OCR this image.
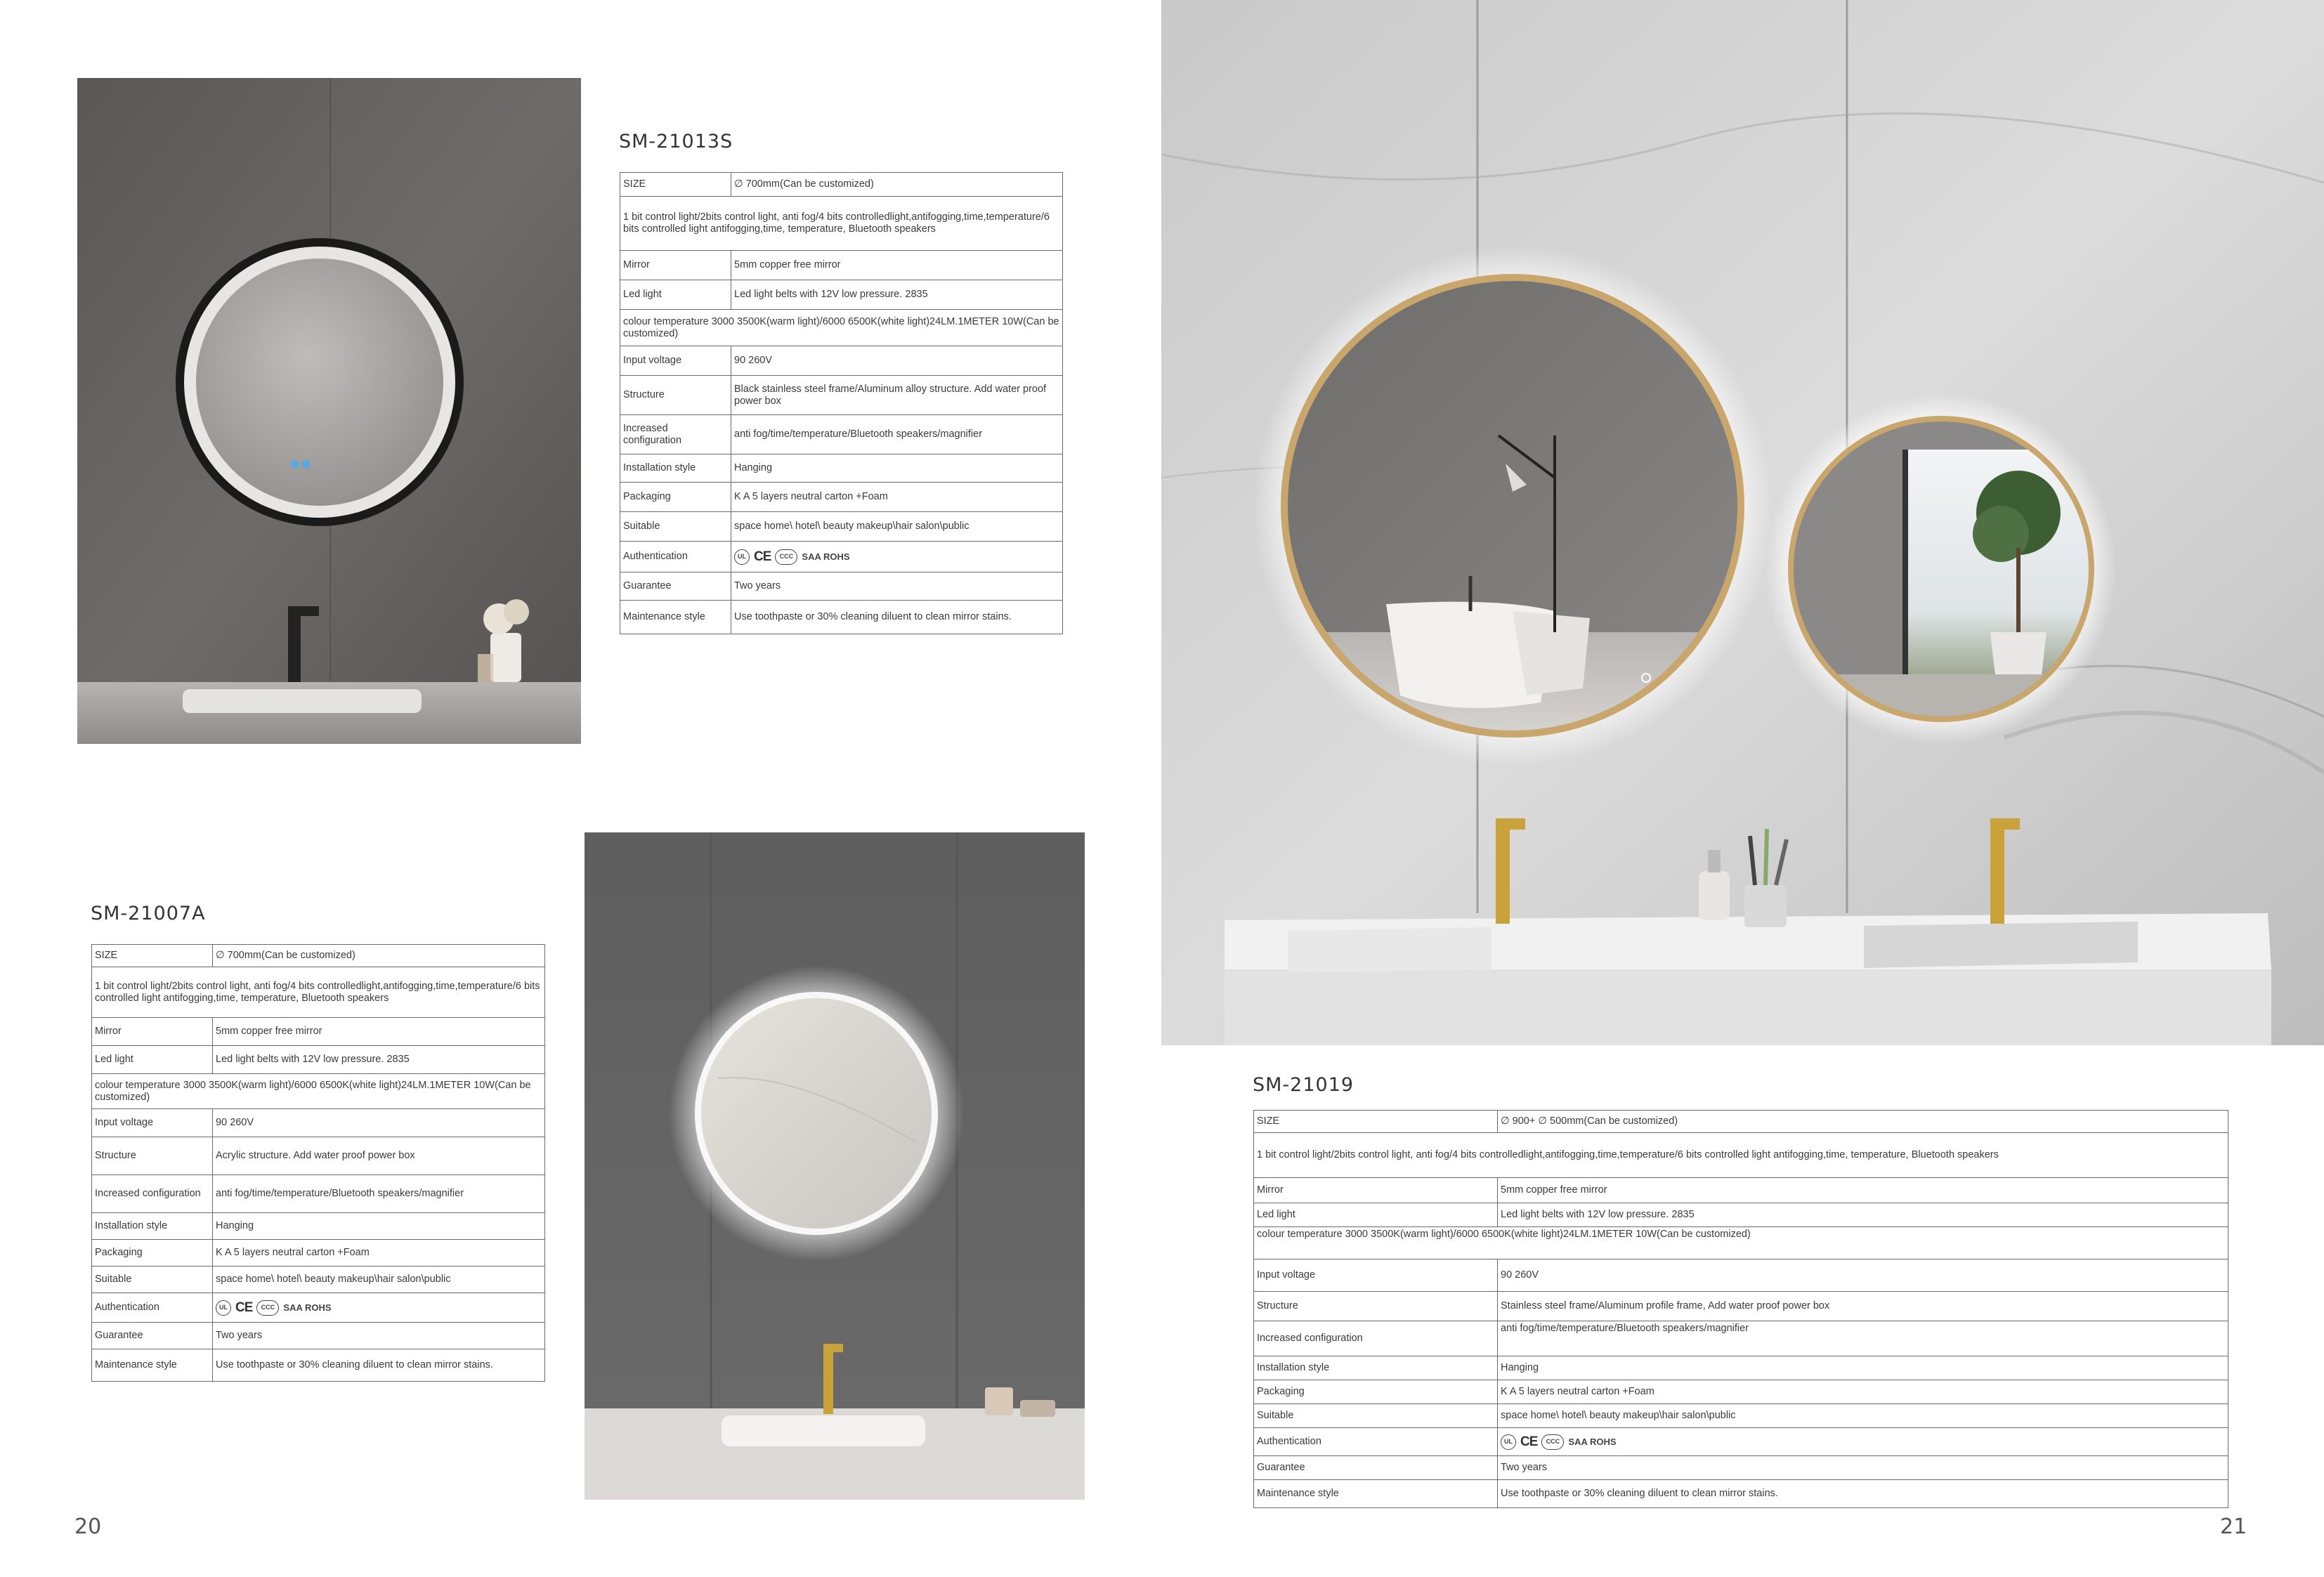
SM-21013S
SM-21007A
SM-21019
SIZE	∅ 700mm(Can be customized)
1 bit control light/2bits control light, anti fog/4 bits controlledlight,antifogging,time,temperature/6 bits controlled light antifogging,time, temperature, Bluetooth speakers	
Mirror	5mm copper free mirror
Led light	Led light belts with 12V low pressure. 2835
colour temperature 3000 3500K(warm light)/6000 6500K(white light)24LM.1METER 10W(Can be customized)	
Input voltage	90 260V
Structure	Black stainless steel frame/Aluminum alloy structure. Add water proof power box
Increased configuration	anti fog/time/temperature/Bluetooth speakers/magnifier
Installation style	Hanging
Packaging	K A 5 layers neutral carton +Foam
Suitable	space home\ hotel\ beauty makeup\hair salon\public
Authentication	UL CE CCC SAA ROHS

Guarantee	Two years
Maintenance style	Use toothpaste or 30% cleaning diluent to clean mirror stains.
SIZE	∅ 700mm(Can be customized)
1 bit control light/2bits control light, anti fog/4 bits controlledlight,antifogging,time,temperature/6 bits controlled light antifogging,time, temperature, Bluetooth speakers	
Mirror	5mm copper free mirror
Led light	Led light belts with 12V low pressure. 2835
colour temperature 3000 3500K(warm light)/6000 6500K(white light)24LM.1METER 10W(Can be customized)	
Input voltage	90 260V
Structure	Acrylic structure. Add water proof power box
Increased configuration	anti fog/time/temperature/Bluetooth speakers/magnifier
Installation style	Hanging
Packaging	K A 5 layers neutral carton +Foam
Suitable	space home\ hotel\ beauty makeup\hair salon\public
Authentication	UL CE CCC SAA ROHS

Guarantee	Two years
Maintenance style	Use toothpaste or 30% cleaning diluent to clean mirror stains.
SIZE	∅ 900+ ∅ 500mm(Can be customized)
1 bit control light/2bits control light, anti fog/4 bits controlledlight,antifogging,time,temperature/6 bits controlled light antifogging,time, temperature, Bluetooth speakers	
Mirror	5mm copper free mirror
Led light	Led light belts with 12V low pressure. 2835
colour temperature 3000 3500K(warm light)/6000 6500K(white light)24LM.1METER 10W(Can be customized)	
Input voltage	90 260V
Structure	Stainless steel frame/Aluminum profile frame, Add water proof power box
Increased configuration	anti fog/time/temperature/Bluetooth speakers/magnifier
Installation style	Hanging
Packaging	K A 5 layers neutral carton +Foam
Suitable	space home\ hotel\ beauty makeup\hair salon\public
Authentication	UL CE CCC SAA ROHS

Guarantee	Two years
Maintenance style	Use toothpaste or 30% cleaning diluent to clean mirror stains.
20	21
